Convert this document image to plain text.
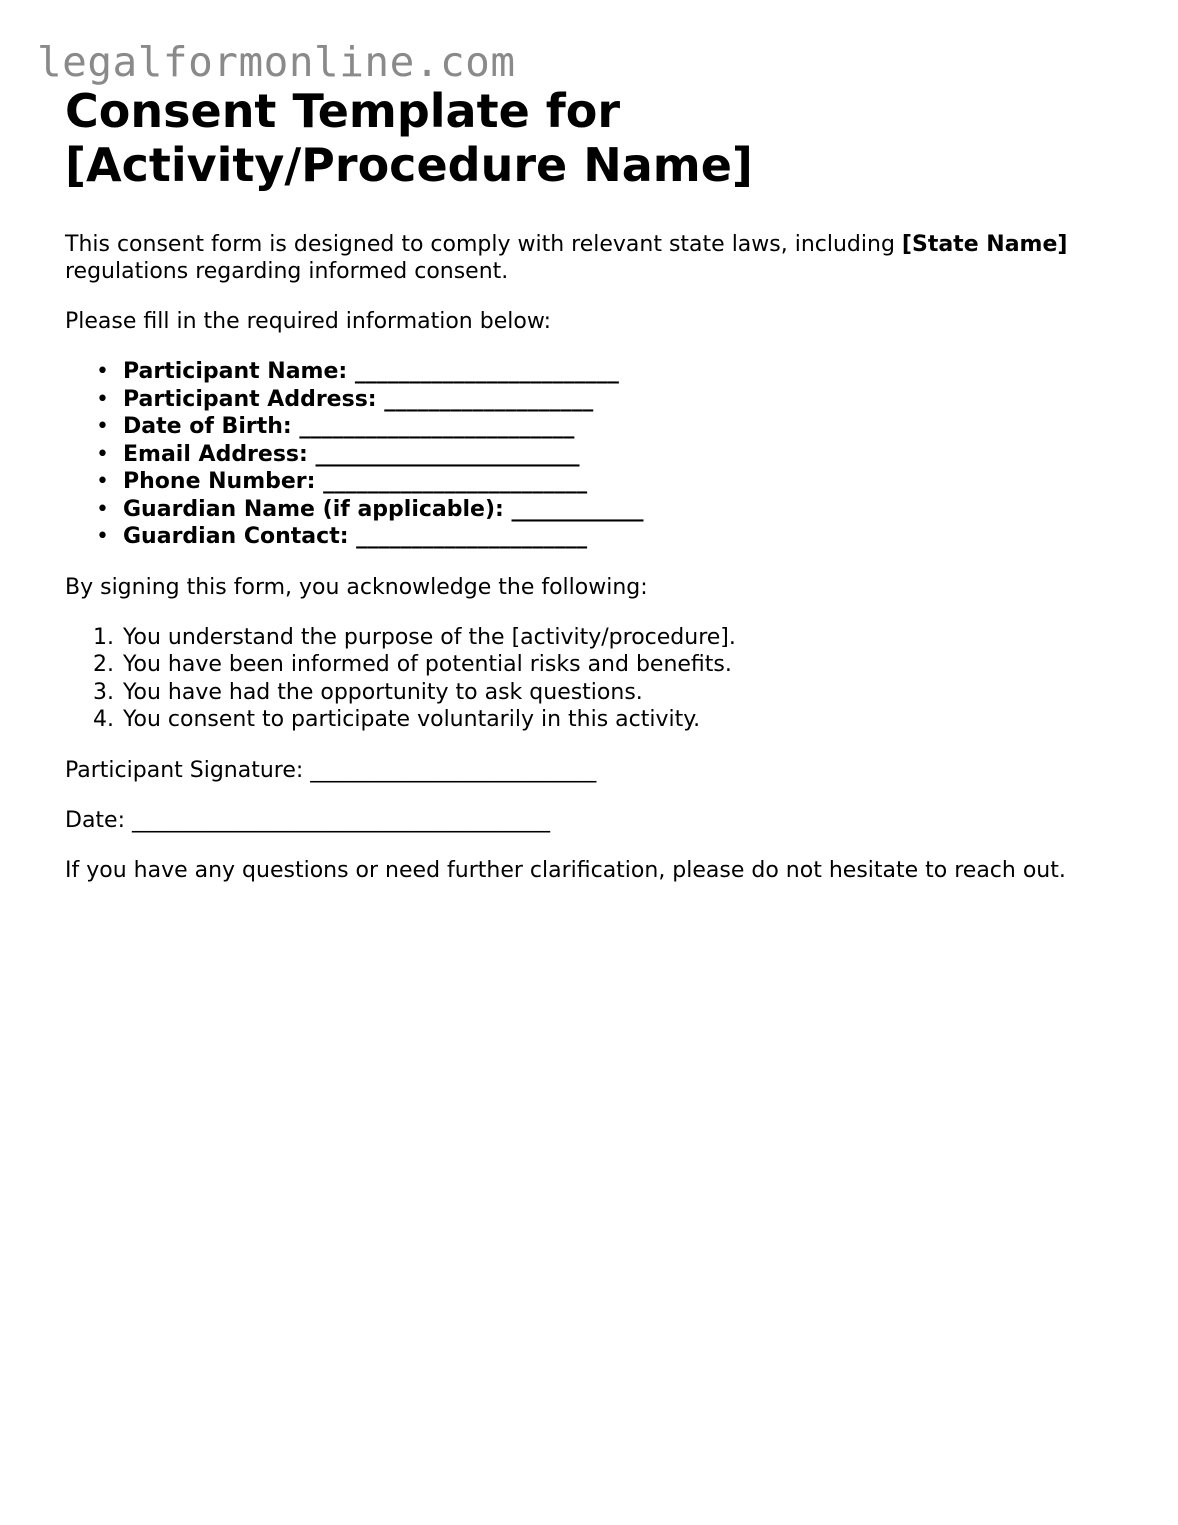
legalformonline.com
Consent Template for
[Activity/Procedure Name]

This consent form is designed to comply with relevant state laws, including [State Name]
regulations regarding informed consent.

Please fill in the required information below:

• Participant Name: ________________________
• Participant Address: ___________________
• Date of Birth: _________________________
• Email Address: ________________________
• Phone Number: ________________________
• Guardian Name (if applicable): ____________
• Guardian Contact: _____________________

By signing this form, you acknowledge the following:

1. You understand the purpose of the [activity/procedure].
2. You have been informed of potential risks and benefits.
3. You have had the opportunity to ask questions.
4. You consent to participate voluntarily in this activity.

Participant Signature: __________________________

Date: ______________________________________

If you have any questions or need further clarification, please do not hesitate to reach out.
